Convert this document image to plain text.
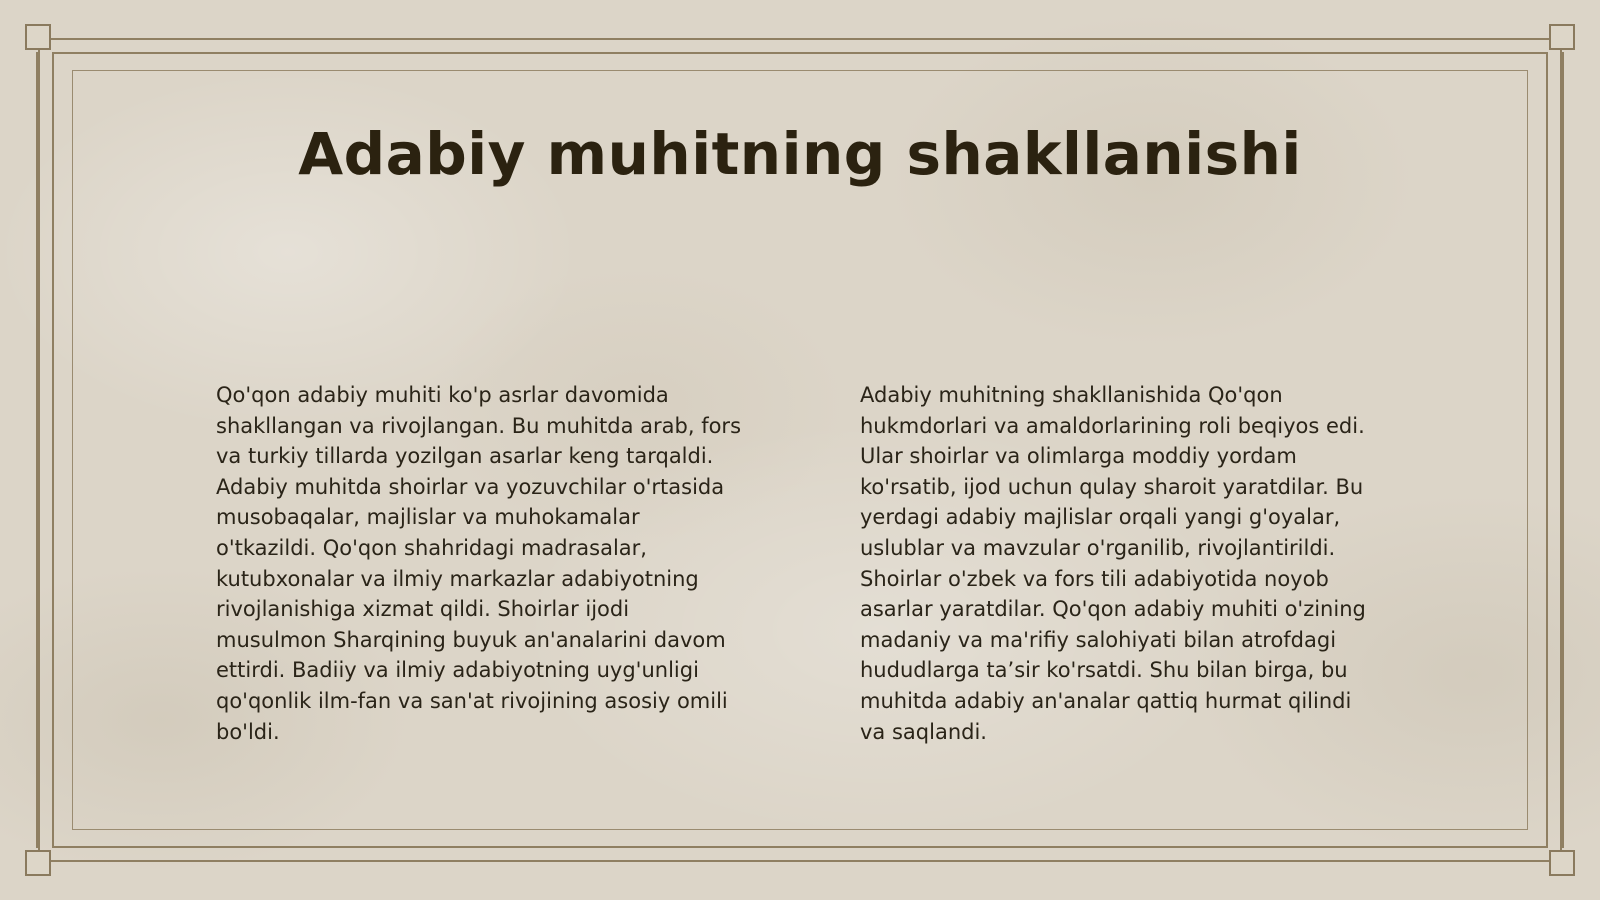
Adabiy muhitning shakllanishi

Qo'qon adabiy muhiti ko'p asrlar davomida shakllangan va rivojlangan. Bu muhitda arab, fors va turkiy tillarda yozilgan asarlar keng tarqaldi. Adabiy muhitda shoirlar va yozuvchilar o'rtasida musobaqalar, majlislar va muhokamalar o'tkazildi. Qo'qon shahridagi madrasalar, kutubxonalar va ilmiy markazlar adabiyotning rivojlanishiga xizmat qildi. Shoirlar ijodi musulmon Sharqining buyuk an'analarini davom ettirdi. Badiiy va ilmiy adabiyotning uyg'unligi qo'qonlik ilm-fan va san'at rivojining asosiy omili bo'ldi.

Adabiy muhitning shakllanishida Qo'qon hukmdorlari va amaldorlarining roli beqiyos edi. Ular shoirlar va olimlarga moddiy yordam ko'rsatib, ijod uchun qulay sharoit yaratdilar. Bu yerdagi adabiy majlislar orqali yangi g'oyalar, uslublar va mavzular o'rganilib, rivojlantirildi. Shoirlar o'zbek va fors tili adabiyotida noyob asarlar yaratdilar. Qo'qon adabiy muhiti o'zining madaniy va ma'rifiy salohiyati bilan atrofdagi hududlarga ta’sir ko'rsatdi. Shu bilan birga, bu muhitda adabiy an'analar qattiq hurmat qilindi va saqlandi.
